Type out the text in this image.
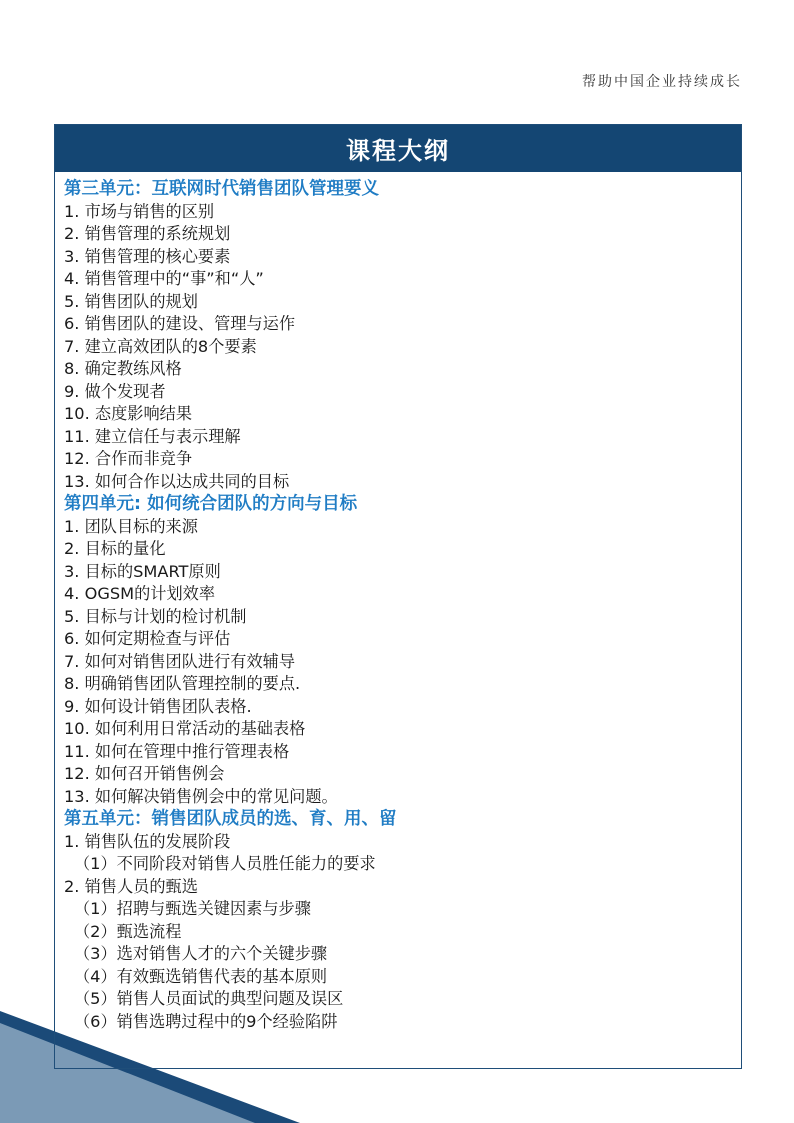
帮助中国企业持续成长
课程大纲
第三单元：互联网时代销售团队管理要义
1. 市场与销售的区别
2. 销售管理的系统规划
3. 销售管理的核心要素
4. 销售管理中的“事”和“人”
5. 销售团队的规划
6. 销售团队的建设、管理与运作
7. 建立高效团队的8个要素
8. 确定教练风格
9. 做个发现者
10. 态度影响结果
11. 建立信任与表示理解
12. 合作而非竞争
13. 如何合作以达成共同的目标
第四单元: 如何统合团队的方向与目标
1. 团队目标的来源
2. 目标的量化
3. 目标的SMART原则
4. OGSM的计划效率
5. 目标与计划的检讨机制
6. 如何定期检查与评估
7. 如何对销售团队进行有效辅导
8. 明确销售团队管理控制的要点.
9. 如何设计销售团队表格.
10. 如何利用日常活动的基础表格
11. 如何在管理中推行管理表格
12. 如何召开销售例会
13. 如何解决销售例会中的常见问题。
第五单元：销售团队成员的选、育、用、留
1. 销售队伍的发展阶段
（1）不同阶段对销售人员胜任能力的要求
2. 销售人员的甄选
（1）招聘与甄选关键因素与步骤
（2）甄选流程
（3）选对销售人才的六个关键步骤
（4）有效甄选销售代表的基本原则
（5）销售人员面试的典型问题及误区
（6）销售选聘过程中的9个经验陷阱
